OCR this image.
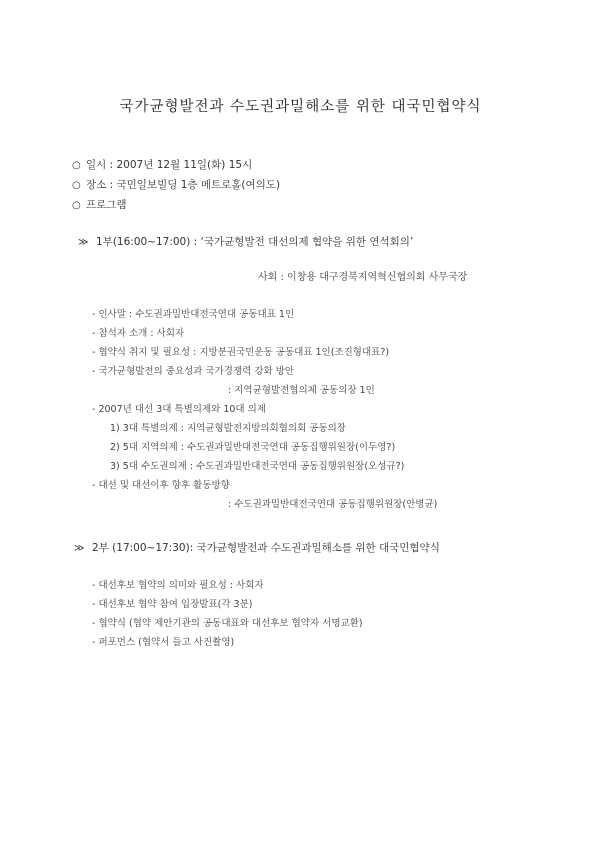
국가균형발전과 수도권과밀해소를 위한 대국민협약식
○ 일시 : 2007년 12월 11일(화) 15시
○ 장소 : 국민일보빌딩 1층 메트로홀(여의도)
○ 프로그램
≫ 1부(16:00~17:00) : ‘국가균형발전 대선의제 협약을 위한 연석회의’
사회 : 이창용 대구경북지역혁신협의회 사무국장
- 인사말 : 수도권과밀반대전국연대 공동대표 1인
- 참석자 소개 : 사회자
- 협약식 취지 및 필요성 : 지방분권국민운동 공동대표 1인(조진형대표?)
- 국가균형발전의 중요성과 국가경쟁력 강화 방안
: 지역균형발전협의체 공동의장 1인
- 2007년 대선 3대 특별의제와 10대 의제
1) 3대 특별의제 : 지역균형발전지방의회협의회 공동의장
2) 5대 지역의제 : 수도권과밀반대전국연대 공동집행위원장(이두영?)
3) 5대 수도권의제 : 수도권과밀반대전국연대 공동집행위원장(오성규?)
- 대선 및 대선이후 향후 활동방향
: 수도권과밀반대전국연대 공동집행위원장(안병균)
≫ 2부 (17:00~17:30): 국가균형발전과 수도권과밀해소를 위한 대국민협약식
- 대선후보 협약의 의미와 필요성 : 사회자
- 대선후보 협약 참여 입장발표(각 3분)
- 협약식 (협약 제안기관의 공동대표와 대선후보 협약자 서명교환)
- 퍼포먼스 (협약서 들고 사진촬영)
